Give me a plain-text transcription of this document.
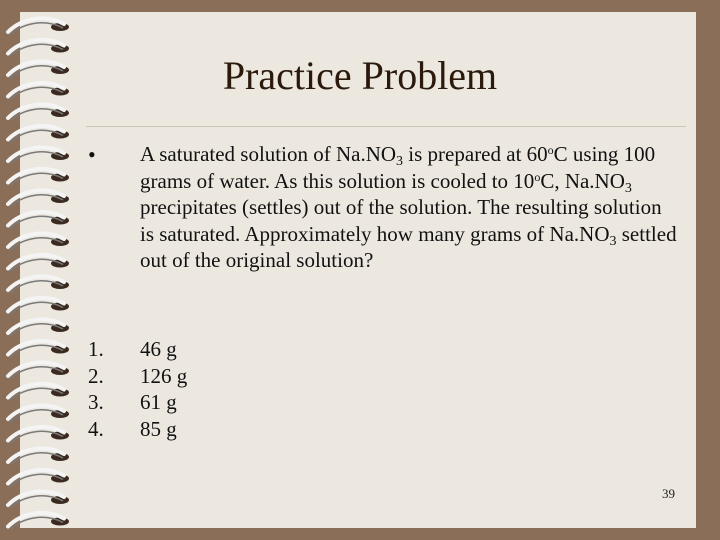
Practice Problem
• A saturated solution of $Na.NO_3$ is prepared at 60$^o$C using 100 grams of water. As this solution is cooled to 10$^o$C, $Na.NO_3$ precipitates (settles) out of the solution. The resulting solution is saturated. Approximately how many grams of $Na.NO_3$ settled out of the original solution?
1.	46 g
2.	126 g
3.	61 g
4.	85 g
39
